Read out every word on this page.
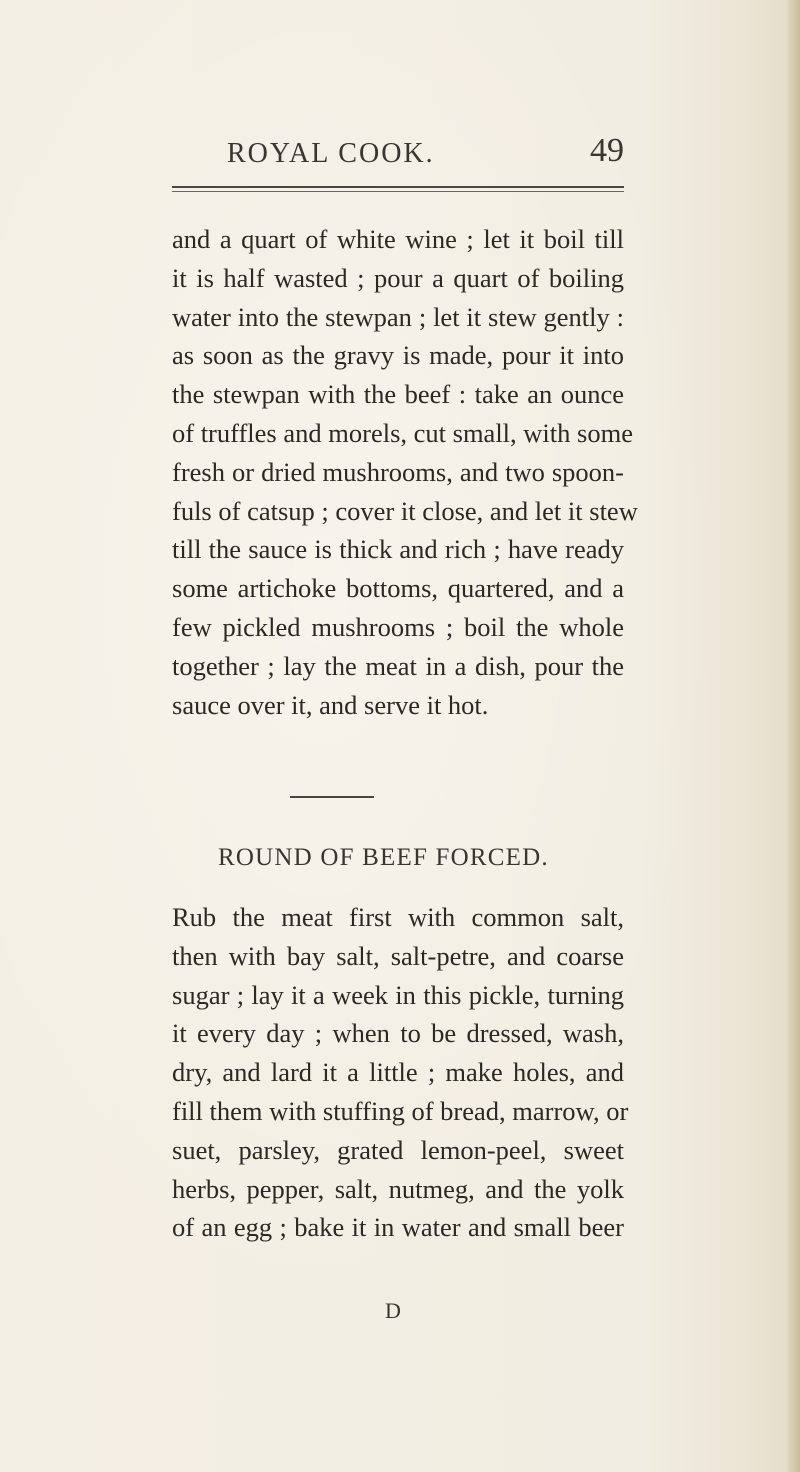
ROYAL COOK.	49
and a quart of white wine ; let it boil till
it is half wasted ; pour a quart of boiling
water into the stewpan ; let it stew gently :
as soon as the gravy is made, pour it into
the stewpan with the beef : take an ounce
of truffles and morels, cut small, with some
fresh or dried mushrooms, and two spoon-
fuls of catsup ; cover it close, and let it stew
till the sauce is thick and rich ; have ready
some artichoke bottoms, quartered, and a
few pickled mushrooms ; boil the whole
together ; lay the meat in a dish, pour the
sauce over it, and serve it hot.
ROUND OF BEEF FORCED.
Rub the meat first with common salt,
then with bay salt, salt-petre, and coarse
sugar ; lay it a week in this pickle, turning
it every day ; when to be dressed, wash,
dry, and lard it a little ; make holes, and
fill them with stuffing of bread, marrow, or
suet, parsley, grated lemon-peel, sweet
herbs, pepper, salt, nutmeg, and the yolk
of an egg ; bake it in water and small beer
D
